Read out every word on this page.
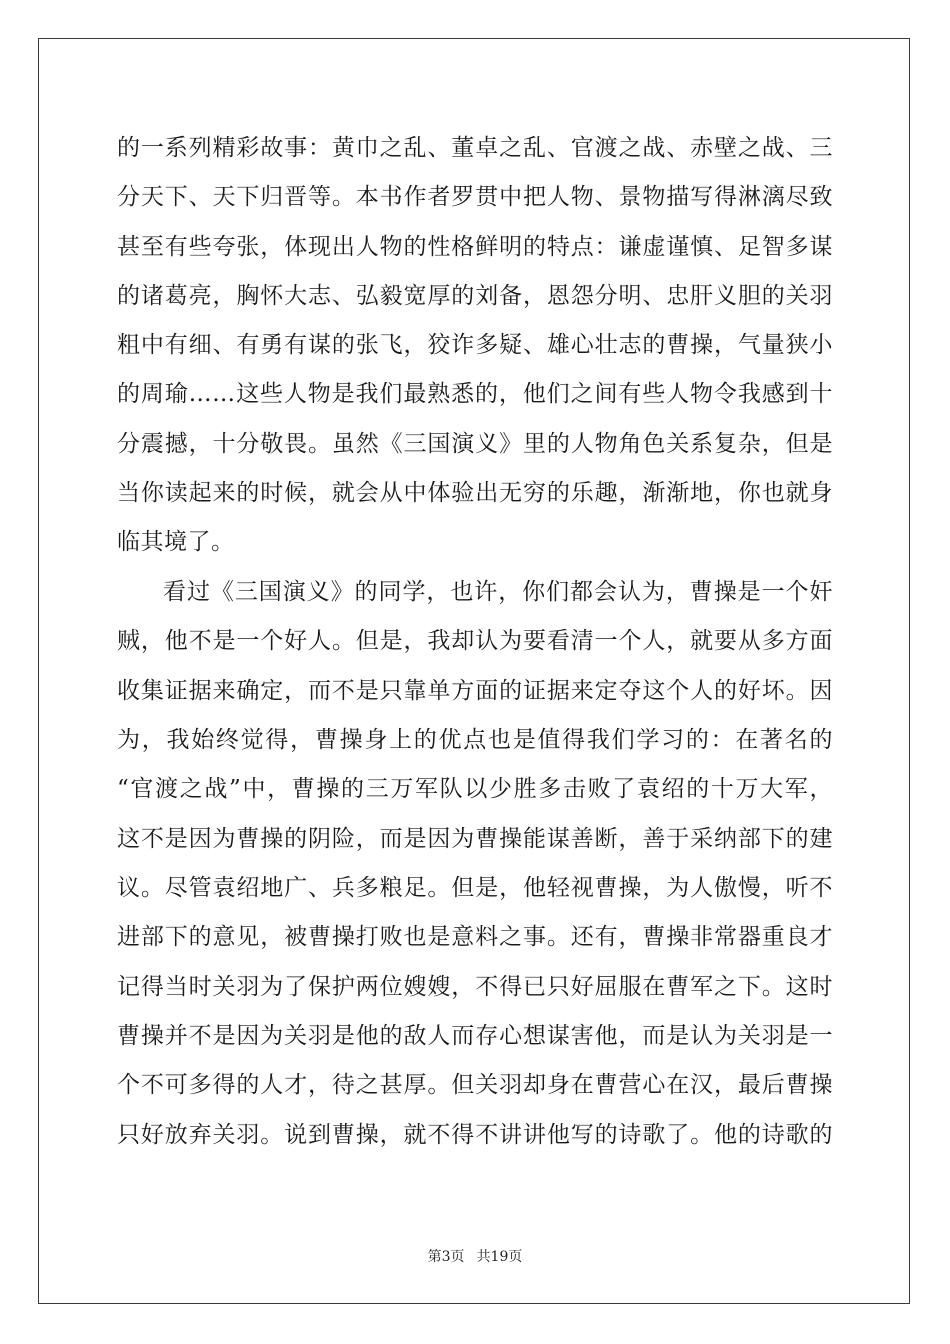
的一系列精彩故事：黄巾之乱、董卓之乱、官渡之战、赤壁之战、三
分天下、天下归晋等。本书作者罗贯中把人物、景物描写得淋漓尽致
甚至有些夸张，体现出人物的性格鲜明的特点：谦虚谨慎、足智多谋
的诸葛亮，胸怀大志、弘毅宽厚的刘备，恩怨分明、忠肝义胆的关羽
粗中有细、有勇有谋的张飞，狡诈多疑、雄心壮志的曹操，气量狭小
的周瑜……这些人物是我们最熟悉的，他们之间有些人物令我感到十
分震撼，十分敬畏。虽然《三国演义》里的人物角色关系复杂，但是
当你读起来的时候，就会从中体验出无穷的乐趣，渐渐地，你也就身
临其境了。
看过《三国演义》的同学，也许，你们都会认为，曹操是一个奸
贼，他不是一个好人。但是，我却认为要看清一个人，就要从多方面
收集证据来确定，而不是只靠单方面的证据来定夺这个人的好坏。因
为，我始终觉得，曹操身上的优点也是值得我们学习的：在著名的
“官渡之战”中，曹操的三万军队以少胜多击败了袁绍的十万大军，
这不是因为曹操的阴险，而是因为曹操能谋善断，善于采纳部下的建
议。尽管袁绍地广、兵多粮足。但是，他轻视曹操，为人傲慢，听不
进部下的意见，被曹操打败也是意料之事。还有，曹操非常器重良才
记得当时关羽为了保护两位嫂嫂，不得已只好屈服在曹军之下。这时
曹操并不是因为关羽是他的敌人而存心想谋害他，而是认为关羽是一
个不可多得的人才，待之甚厚。但关羽却身在曹营心在汉，最后曹操
只好放弃关羽。说到曹操，就不得不讲讲他写的诗歌了。他的诗歌的
第3页 共19页
